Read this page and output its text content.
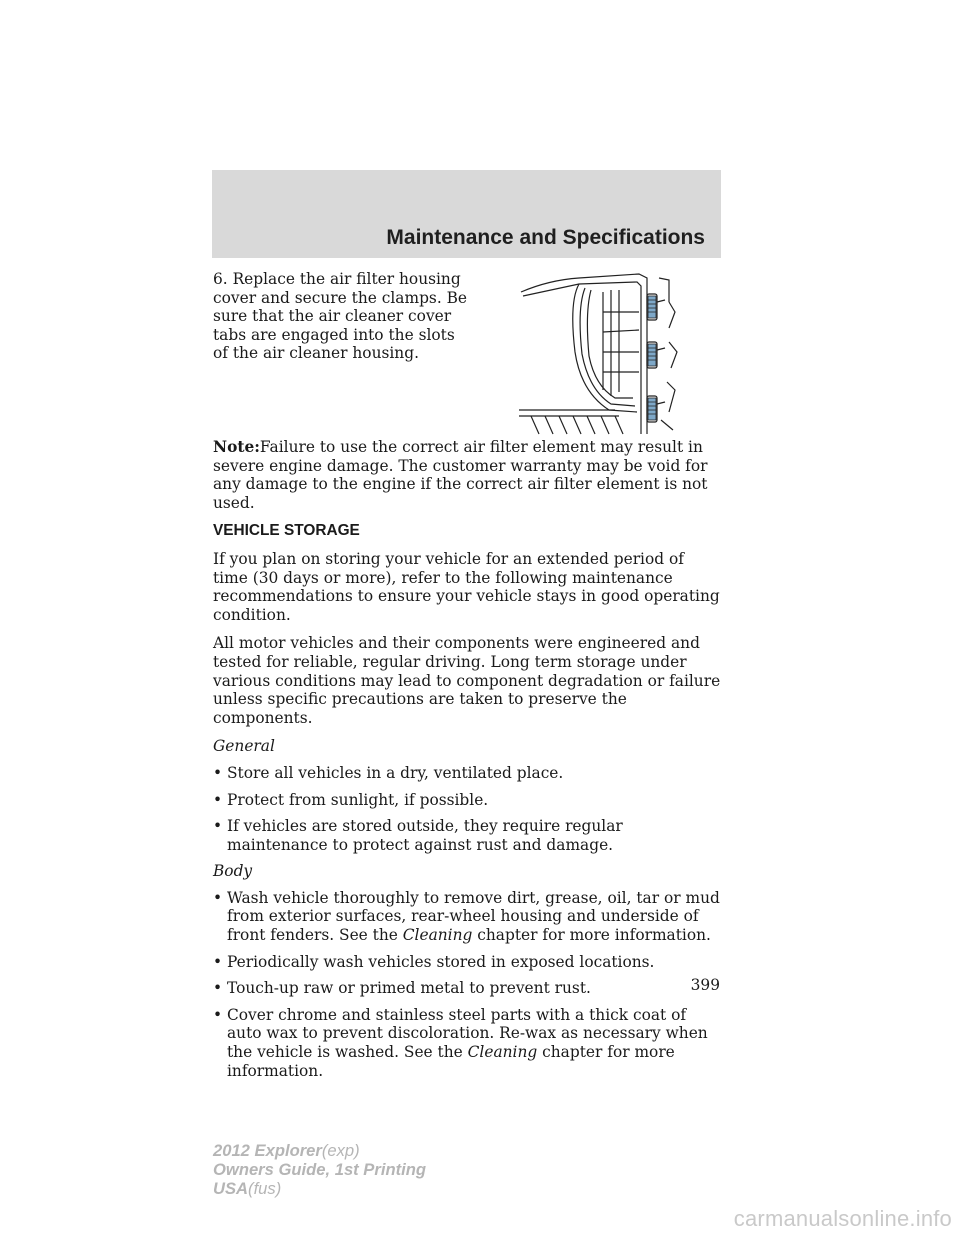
Maintenance and Specifications

6. Replace the air filter housing cover and secure the clamps. Be sure that the air cleaner cover tabs are engaged into the slots of the air cleaner housing.

Note:Failure to use the correct air filter element may result in severe engine damage. The customer warranty may be void for any damage to the engine if the correct air filter element is not used.

VEHICLE STORAGE

If you plan on storing your vehicle for an extended period of time (30 days or more), refer to the following maintenance recommendations to ensure your vehicle stays in good operating condition.

All motor vehicles and their components were engineered and tested for reliable, regular driving. Long term storage under various conditions may lead to component degradation or failure unless specific precautions are taken to preserve the components.

General
• Store all vehicles in a dry, ventilated place.
• Protect from sunlight, if possible.
• If vehicles are stored outside, they require regular maintenance to protect against rust and damage.
Body
• Wash vehicle thoroughly to remove dirt, grease, oil, tar or mud from exterior surfaces, rear-wheel housing and underside of front fenders. See the Cleaning chapter for more information.
• Periodically wash vehicles stored in exposed locations.
• Touch-up raw or primed metal to prevent rust.
• Cover chrome and stainless steel parts with a thick coat of auto wax to prevent discoloration. Re-wax as necessary when the vehicle is washed. See the Cleaning chapter for more information.
399
2012 Explorer(exp)
Owners Guide, 1st Printing
USA(fus)
carmanualsonline.info
